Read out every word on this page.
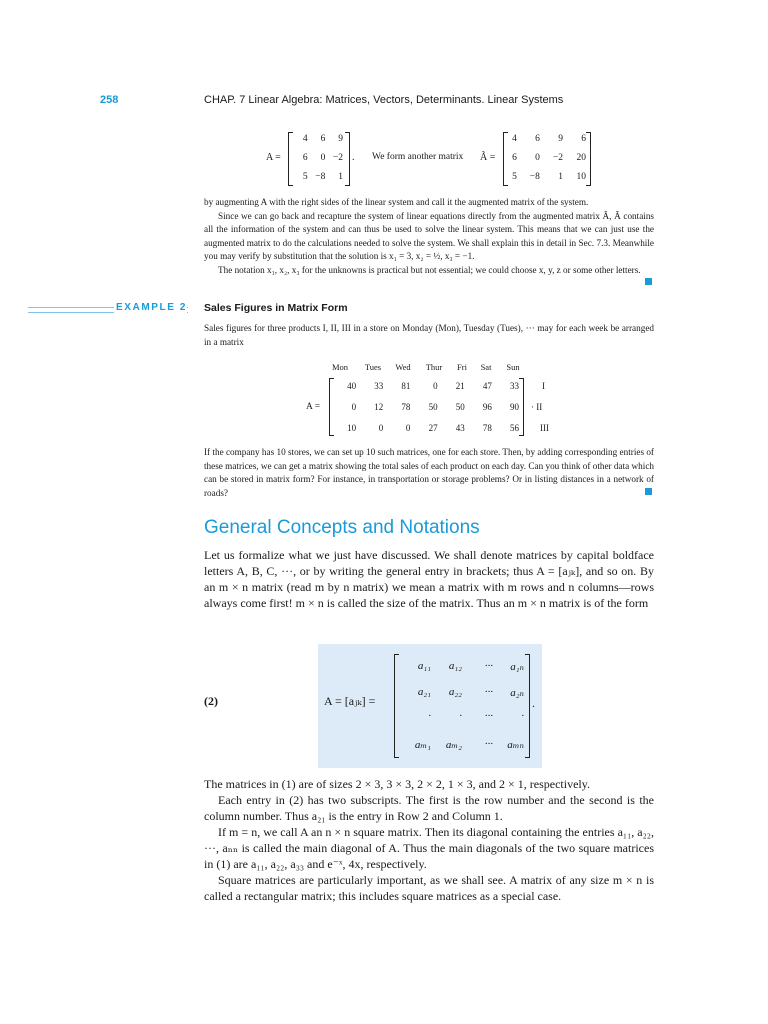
258	CHAP. 7 Linear Algebra: Matrices, Vectors, Determinants. Linear Systems
A =
4	6	9
6	0 −2
5 −8	1
. We form another matrix Ã =
4	6	9	6
6	0	−2	20
5	−8	1	10

by augmenting A with the right sides of the linear system and call it the augmented matrix of the system.

Since we can go back and recapture the system of linear equations directly from the augmented matrix Ã, Ã contains all the information of the system and can thus be used to solve the linear system. This means that we can just use the augmented matrix to do the calculations needed to solve the system. We shall explain this in detail in Sec. 7.3. Meanwhile you may verify by substitution that the solution is x₁ = 3, x₂ = ½, x₃ = −1.

The notation x₁, x₂, x₃ for the unknowns is practical but not essential; we could choose x, y, z or some other letters.

EXAMPLE 2 Sales Figures in Matrix Form

Sales figures for three products I, II, III in a store on Monday (Mon), Tuesday (Tues), ··· may for each week be arranged in a matrix

Mon	Tues	Wed	Thur	Fri	Sat	Sun
A =
40	33	81	0	21	47	33
0	12	78	50	50	96	90
10	0	0	27	43	78	56
I
· II
III

If the company has 10 stores, we can set up 10 such matrices, one for each store. Then, by adding corresponding entries of these matrices, we can get a matrix showing the total sales of each product on each day. Can you think of other data which can be stored in matrix form? For instance, in transportation or storage problems? Or in listing distances in a network of roads?

General Concepts and Notations

Let us formalize what we just have discussed. We shall denote matrices by capital boldface letters A, B, C, ···, or by writing the general entry in brackets; thus A = [aⱼₖ], and so on. By an m × n matrix (read m by n matrix) we mean a matrix with m rows and n columns—rows always come first! m × n is called the size of the matrix. Thus an m × n matrix is of the form

(2)	A = [aⱼₖ] =
a₁₁	a₁₂	···	a₁ₙ
a₂₁	a₂₂	···	a₂ₙ
·	·	···	·
aₘ₁	aₘ₂	···	aₘₙ
.

The matrices in (1) are of sizes 2 × 3, 3 × 3, 2 × 2, 1 × 3, and 2 × 1, respectively.

Each entry in (2) has two subscripts. The first is the row number and the second is the column number. Thus a₂₁ is the entry in Row 2 and Column 1.

If m = n, we call A an n × n square matrix. Then its diagonal containing the entries a₁₁, a₂₂, ···, aₙₙ is called the main diagonal of A. Thus the main diagonals of the two square matrices in (1) are a₁₁, a₂₂, a₃₃ and e⁻ˣ, 4x, respectively.

Square matrices are particularly important, as we shall see. A matrix of any size m × n is called a rectangular matrix; this includes square matrices as a special case.
